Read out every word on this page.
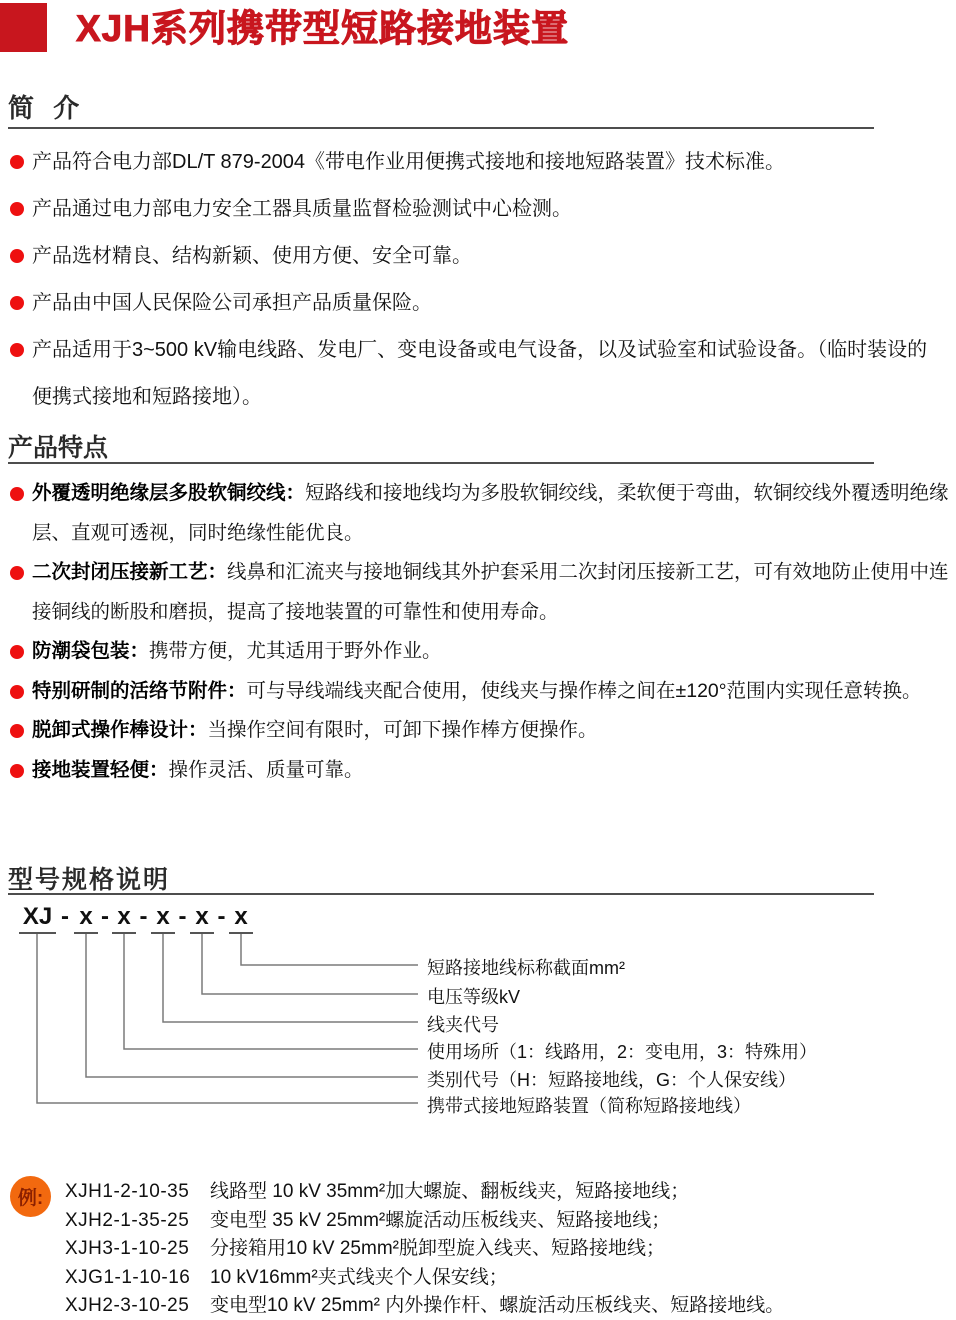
XJH系列携带型短路接地装置
简 介
产品符合电力部DL/T 879-2004《带电作业用便携式接地和接地短路装置》技术标准。
产品通过电力部电力安全工器具质量监督检验测试中心检测。
产品选材精良、结构新颖、使用方便、安全可靠。
产品由中国人民保险公司承担产品质量保险。
产品适用于3~500 kV输电线路、发电厂、变电设备或电气设备，以及试验室和试验设备。（临时装设的便携式接地和短路接地）。
产品特点
外覆透明绝缘层多股软铜绞线：短路线和接地线均为多股软铜绞线，柔软便于弯曲，软铜绞线外覆透明绝缘层、直观可透视，同时绝缘性能优良。
二次封闭压接新工艺：线鼻和汇流夹与接地铜线其外护套采用二次封闭压接新工艺，可有效地防止使用中连接铜线的断股和磨损，提高了接地装置的可靠性和使用寿命。
防潮袋包装：携带方便，尤其适用于野外作业。
特别研制的活络节附件：可与导线端线夹配合使用，使线夹与操作棒之间在±120°范围内实现任意转换。
脱卸式操作棒设计：当操作空间有限时，可卸下操作棒方便操作。
接地装置轻便：操作灵活、质量可靠。
型号规格说明
XJ - x - x - x - x - x
短路接地线标称截面mm²
电压等级kV
线夹代号
使用场所（1：线路用，2：变电用，3：特殊用）
类别代号（H：短路接地线，G：个人保安线）
携带式接地短路装置（简称短路接地线）
例:	XJH1-2-10-35 线路型 10 kV 35mm²加大螺旋、翻板线夹，短路接地线；
XJH2-1-35-25 变电型 35 kV 25mm²螺旋活动压板线夹、短路接地线；
XJH3-1-10-25 分接箱用10 kV 25mm²脱卸型旋入线夹、短路接地线；
XJG1-1-10-16 10 kV16mm²夹式线夹个人保安线；
XJH2-3-10-25 变电型10 kV 25mm² 内外操作杆、螺旋活动压板线夹、短路接地线。
